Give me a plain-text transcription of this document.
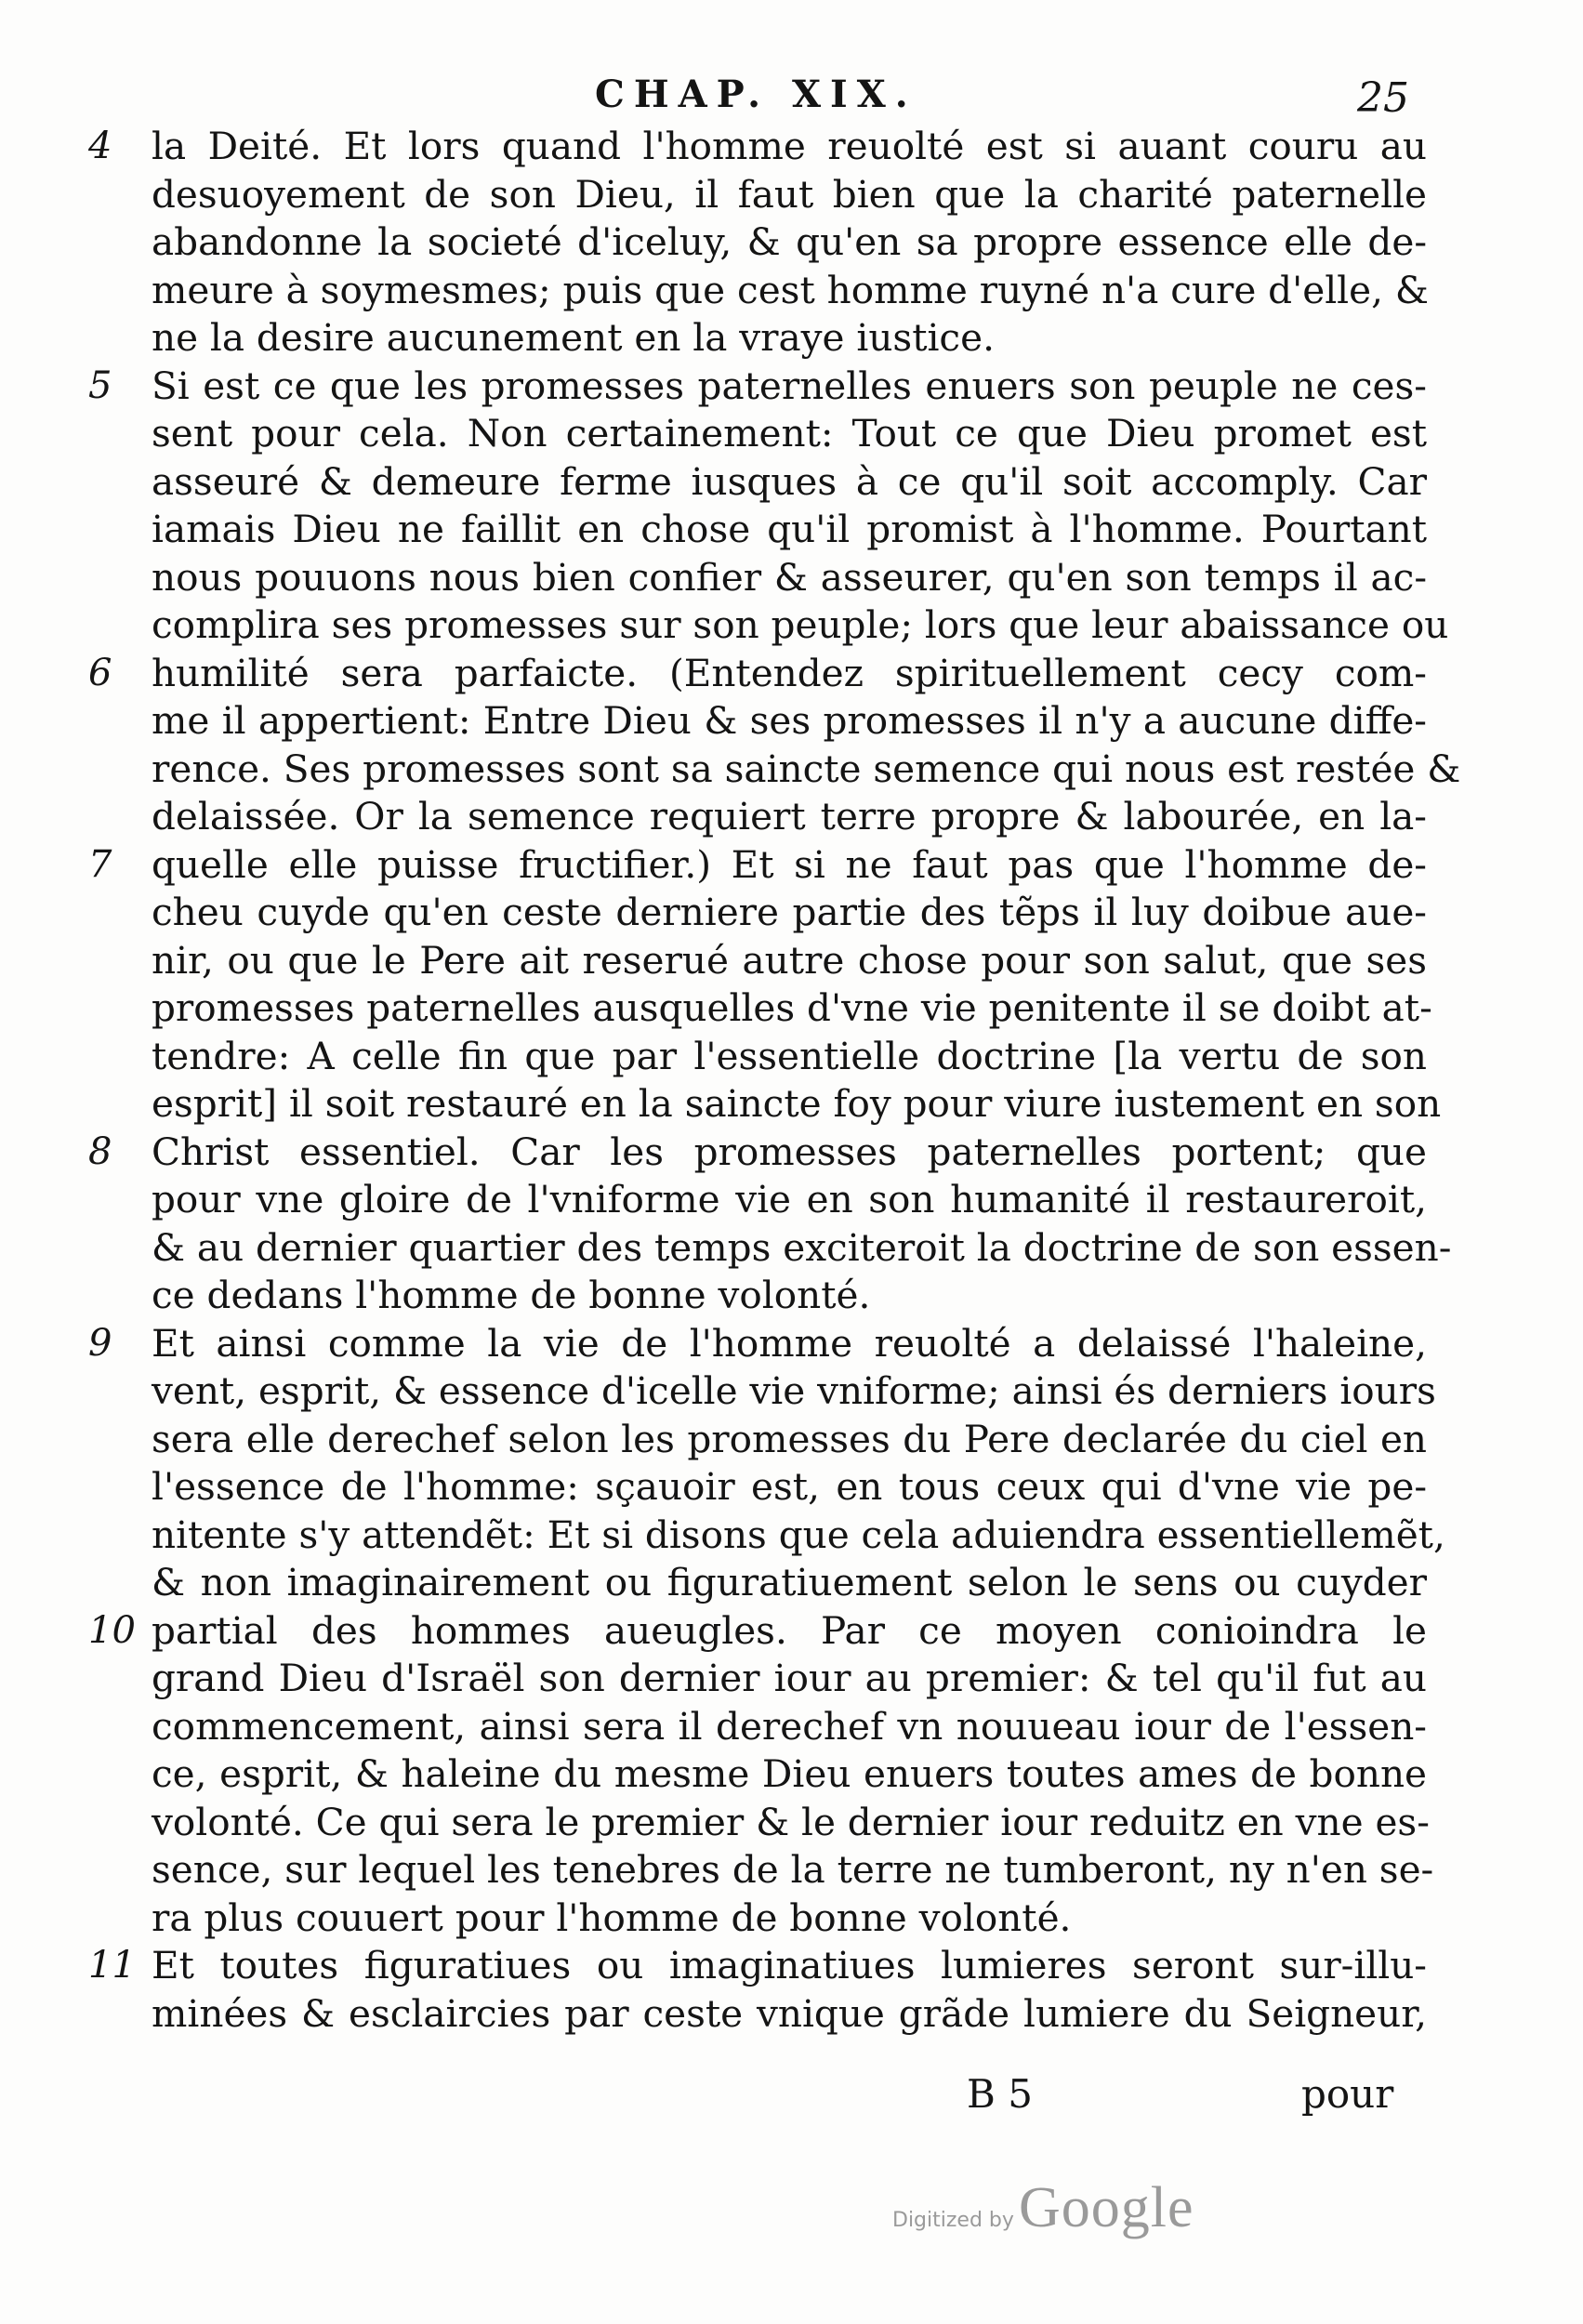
CHAP. XIX.	25
4	la Deité. Et lors quand l'homme reuolté est si auant couru au
desuoyement de son Dieu, il faut bien que la charité paternelle
abandonne la societé d'iceluy, & qu'en sa propre essence elle de-
meure à soymesmes; puis que cest homme ruyné n'a cure d'elle, &
ne la desire aucunement en la vraye iustice.
5	Si est ce que les promesses paternelles enuers son peuple ne ces-
sent pour cela. Non certainement: Tout ce que Dieu promet est
asseuré & demeure ferme iusques à ce qu'il soit accomply. Car
iamais Dieu ne faillit en chose qu'il promist à l'homme. Pourtant
nous pouuons nous bien confier & asseurer, qu'en son temps il ac-
complira ses promesses sur son peuple; lors que leur abaissance ou
6	humilité sera parfaicte. (Entendez spirituellement cecy com-
me il appertient: Entre Dieu & ses promesses il n'y a aucune diffe-
rence. Ses promesses sont sa saincte semence qui nous est restée &
delaissée. Or la semence requiert terre propre & labourée, en la-
7	quelle elle puisse fructifier.) Et si ne faut pas que l'homme de-
cheu cuyde qu'en ceste derniere partie des tẽps il luy doibue aue-
nir, ou que le Pere ait reserué autre chose pour son salut, que ses
promesses paternelles ausquelles d'vne vie penitente il se doibt at-
tendre: A celle fin que par l'essentielle doctrine [la vertu de son
esprit] il soit restauré en la saincte foy pour viure iustement en son
8	Christ essentiel. Car les promesses paternelles portent; que
pour vne gloire de l'vniforme vie en son humanité il restaureroit,
& au dernier quartier des temps exciteroit la doctrine de son essen-
ce dedans l'homme de bonne volonté.
9	Et ainsi comme la vie de l'homme reuolté a delaissé l'haleine,
vent, esprit, & essence d'icelle vie vniforme; ainsi és derniers iours
sera elle derechef selon les promesses du Pere declarée du ciel en
l'essence de l'homme: sçauoir est, en tous ceux qui d'vne vie pe-
nitente s'y attendẽt: Et si disons que cela aduiendra essentiellemẽt,
& non imaginairement ou figuratiuement selon le sens ou cuyder
10 partial des hommes aueugles. Par ce moyen conioindra le
grand Dieu d'Israël son dernier iour au premier: & tel qu'il fut au
commencement, ainsi sera il derechef vn nouueau iour de l'essen-
ce, esprit, & haleine du mesme Dieu enuers toutes ames de bonne
volonté. Ce qui sera le premier & le dernier iour reduitz en vne es-
sence, sur lequel les tenebres de la terre ne tumberont, ny n'en se-
ra plus couuert pour l'homme de bonne volonté.
11 Et toutes figuratiues ou imaginatiues lumieres seront sur-illu-
minées & esclaircies par ceste vnique grãde lumiere du Seigneur,
B 5	pour
Digitized by Google
